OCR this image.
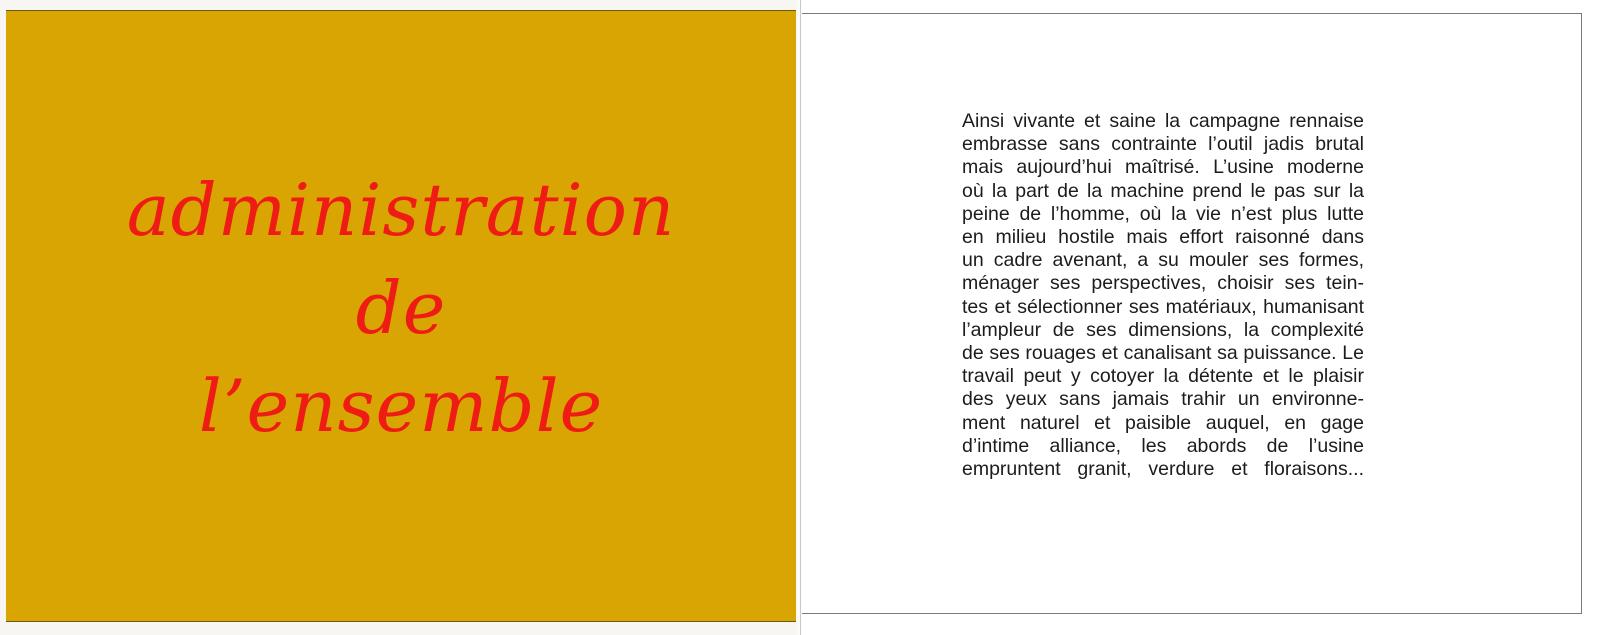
administration
de
l’ensemble
Ainsi vivante et saine la campagne rennaise
embrasse sans contrainte l’outil jadis brutal
mais aujourd’hui maîtrisé. L’usine moderne
où la part de la machine prend le pas sur la
peine de l’homme, où la vie n’est plus lutte
en milieu hostile mais effort raisonné dans
un cadre avenant, a su mouler ses formes,
ménager ses perspectives, choisir ses tein-
tes et sélectionner ses matériaux, humanisant
l’ampleur de ses dimensions, la complexité
de ses rouages et canalisant sa puissance. Le
travail peut y cotoyer la détente et le plaisir
des yeux sans jamais trahir un environne-
ment naturel et paisible auquel, en gage
d’intime alliance, les abords de l’usine
empruntent granit, verdure et floraisons...
